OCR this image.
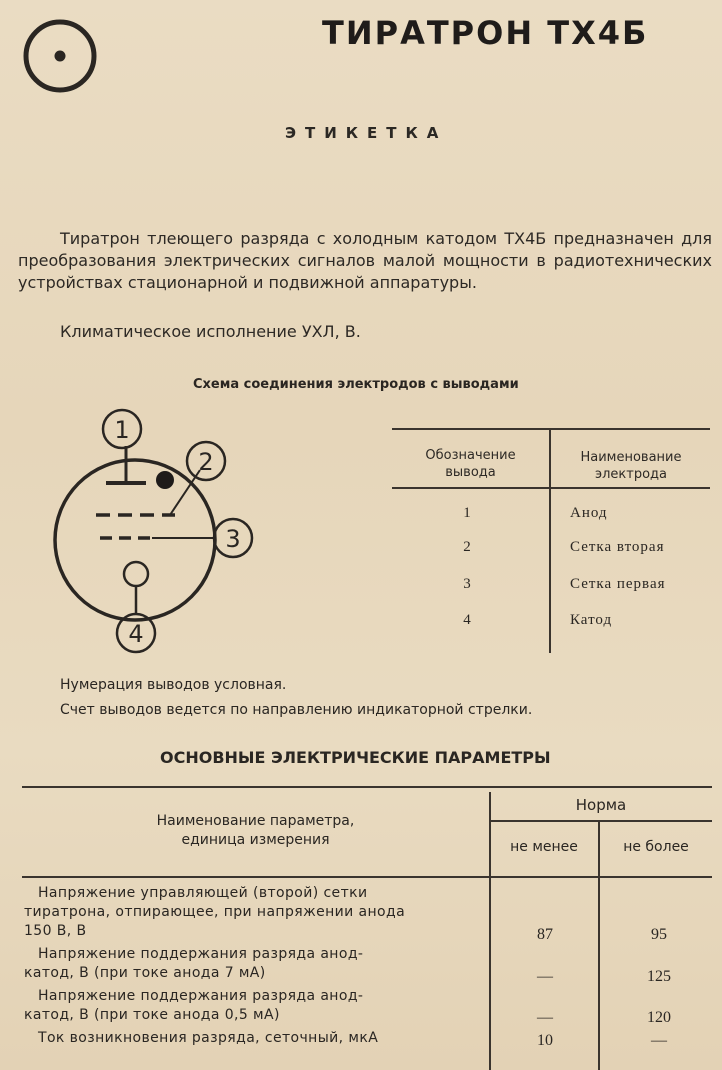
ТИРАТРОН ТХ4Б
ЭТИКЕТКА
Тиратрон тлеющего разряда с холодным катодом ТХ4Б предназначен для преобразования электрических сигналов малой мощности в радиотехнических устройствах стационарной и подвижной аппаратуры.
Климатическое исполнение УХЛ, В.
Схема соединения электродов с выводами
1
2
3
4
Обозначение
вывода
Наименование
электрода
1	Анод
2	Сетка вторая
3	Сетка первая
4	Катод
Нумерация выводов условная.
Счет выводов ведется по направлению индикаторной стрелки.
ОСНОВНЫЕ ЭЛЕКТРИЧЕСКИЕ ПАРАМЕТРЫ
Наименование параметра,
единица измерения
Норма
не менее	не более
Напряжение управляющей (второй) сетки
тиратрона, отпирающее, при напряжении анода
150 В, В	87	95
Напряжение поддержания разряда анод-
катод, В (при токе анода 7 мА)	—	125
Напряжение поддержания разряда анод-
катод, В (при токе анода 0,5 мА)	—	120
Ток возникновения разряда, сеточный, мкА	10	—
